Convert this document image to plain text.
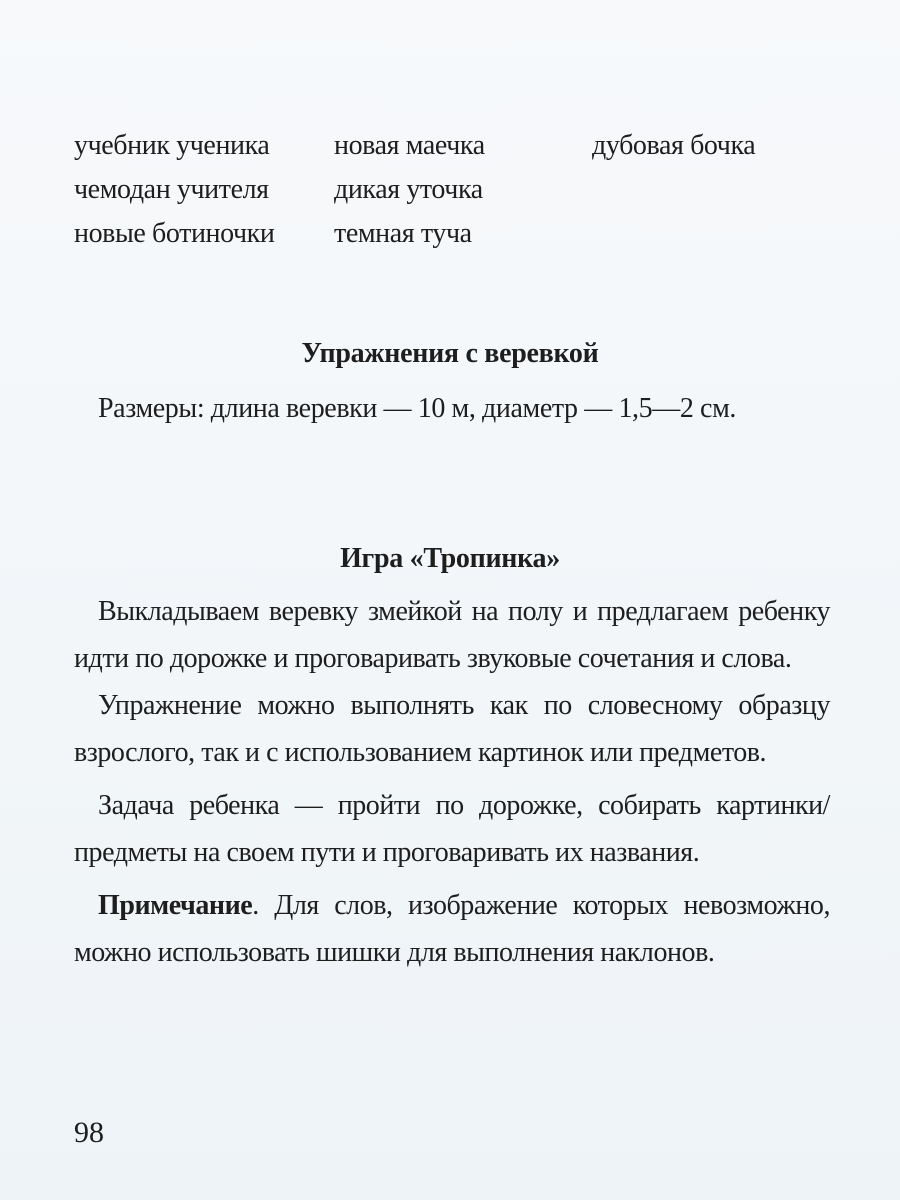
учебник ученика	новая маечка	дубовая бочка
чемодан учителя	дикая уточка
новые ботиночки	темная туча
Упражнения с веревкой
Размеры: длина веревки — 10 м, диаметр — 1,5—2 см.
Игра «Тропинка»

Выкладываем веревку змейкой на полу и предлагаем ребенку идти по дорожке и проговаривать звуковые сочетания и слова.

Упражнение можно выполнять как по словесному образцу взрослого, так и с использованием картинок или предметов.

Задача ребенка — пройти по дорожке, собирать картинки/предметы на своем пути и проговаривать их названия.

Примечание. Для слов, изображение которых невозможно, можно использовать шишки для выполнения наклонов.

98
